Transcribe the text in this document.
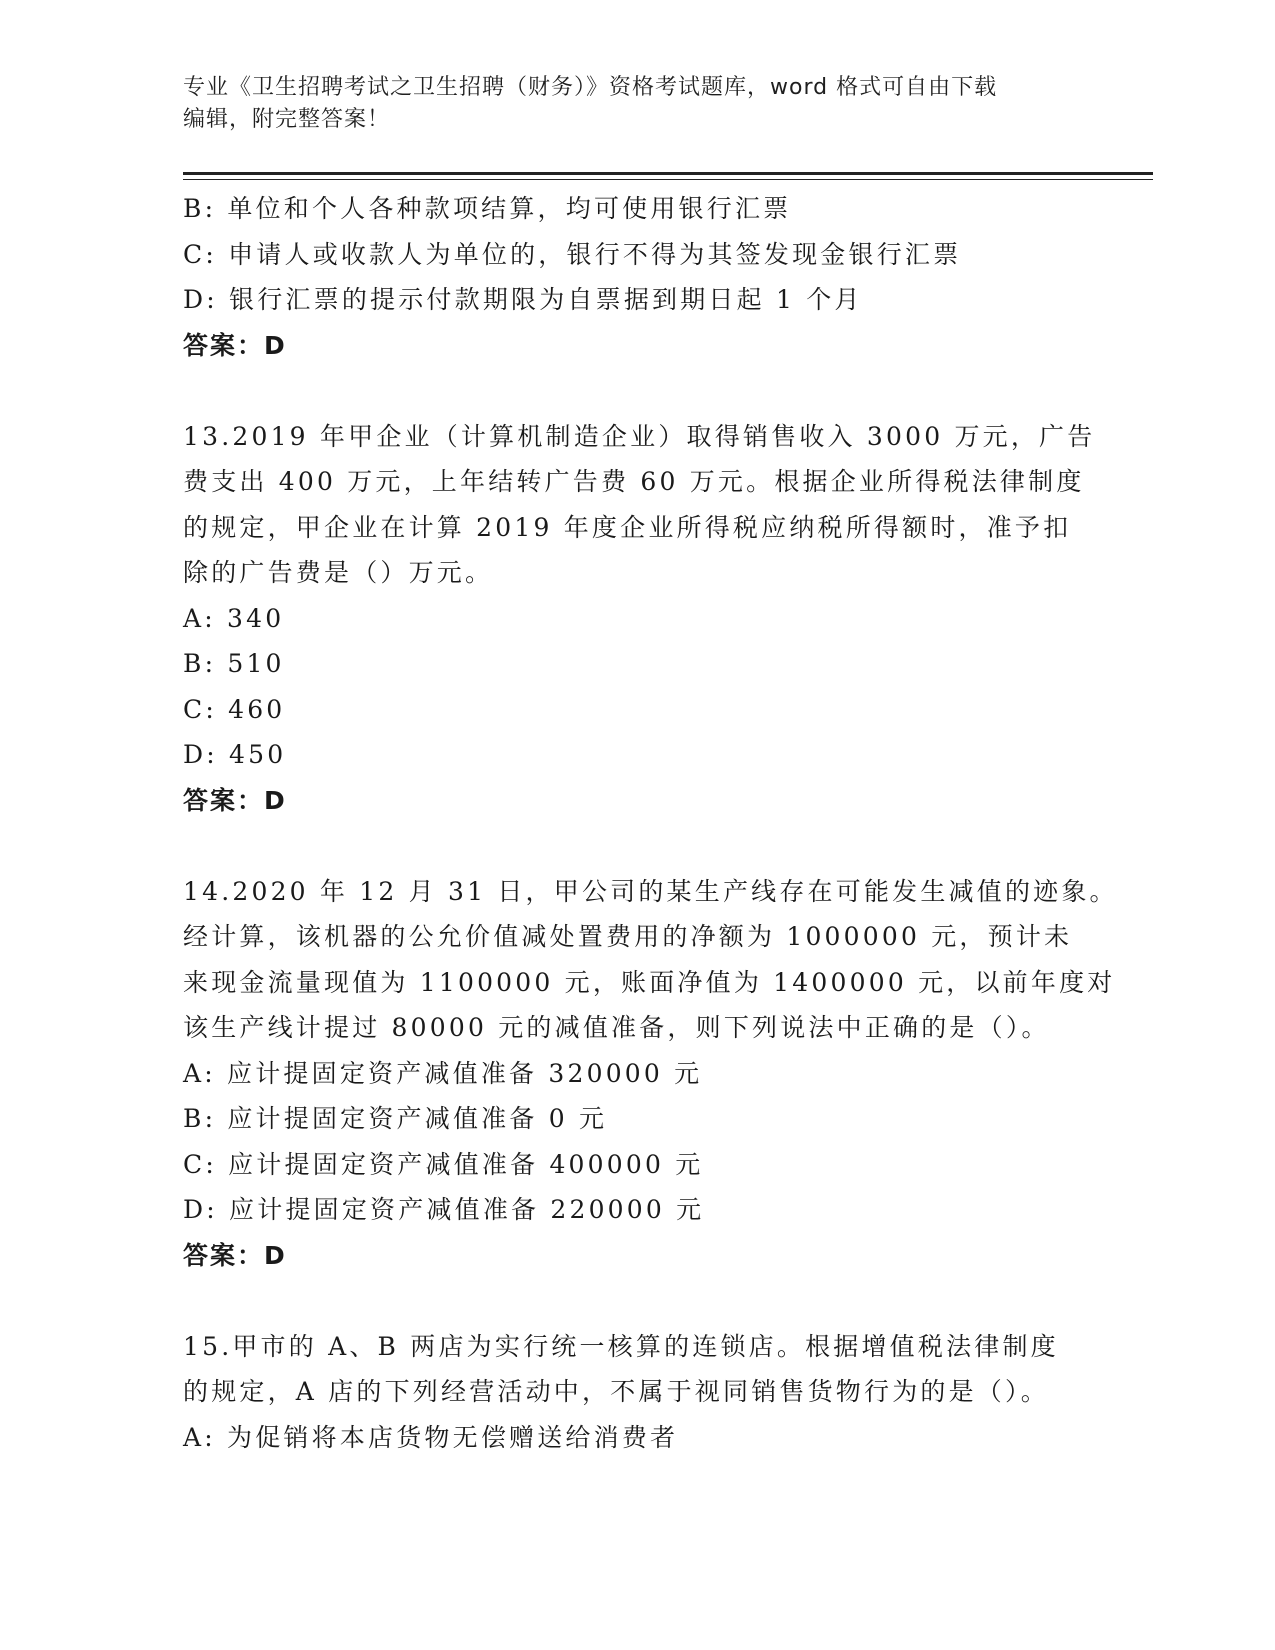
专业《卫生招聘考试之卫生招聘（财务）》资格考试题库，word 格式可自由下载
编辑，附完整答案！
B: 单位和个人各种款项结算，均可使用银行汇票
C: 申请人或收款人为单位的，银行不得为其签发现金银行汇票
D: 银行汇票的提示付款期限为自票据到期日起 1 个月
答案：D
13.2019 年甲企业（计算机制造企业）取得销售收入 3000 万元，广告
费支出 400 万元，上年结转广告费 60 万元。根据企业所得税法律制度
的规定，甲企业在计算 2019 年度企业所得税应纳税所得额时，准予扣
除的广告费是（）万元。
A: 340
B: 510
C: 460
D: 450
答案：D
14.2020 年 12 月 31 日，甲公司的某生产线存在可能发生减值的迹象。
经计算，该机器的公允价值减处置费用的净额为 1000000 元，预计未
来现金流量现值为 1100000 元，账面净值为 1400000 元，以前年度对
该生产线计提过 80000 元的减值准备，则下列说法中正确的是（）。
A: 应计提固定资产减值准备 320000 元
B: 应计提固定资产减值准备 0 元
C: 应计提固定资产减值准备 400000 元
D: 应计提固定资产减值准备 220000 元
答案：D
15.甲市的 A、B 两店为实行统一核算的连锁店。根据增值税法律制度
的规定，A 店的下列经营活动中，不属于视同销售货物行为的是（）。
A: 为促销将本店货物无偿赠送给消费者
